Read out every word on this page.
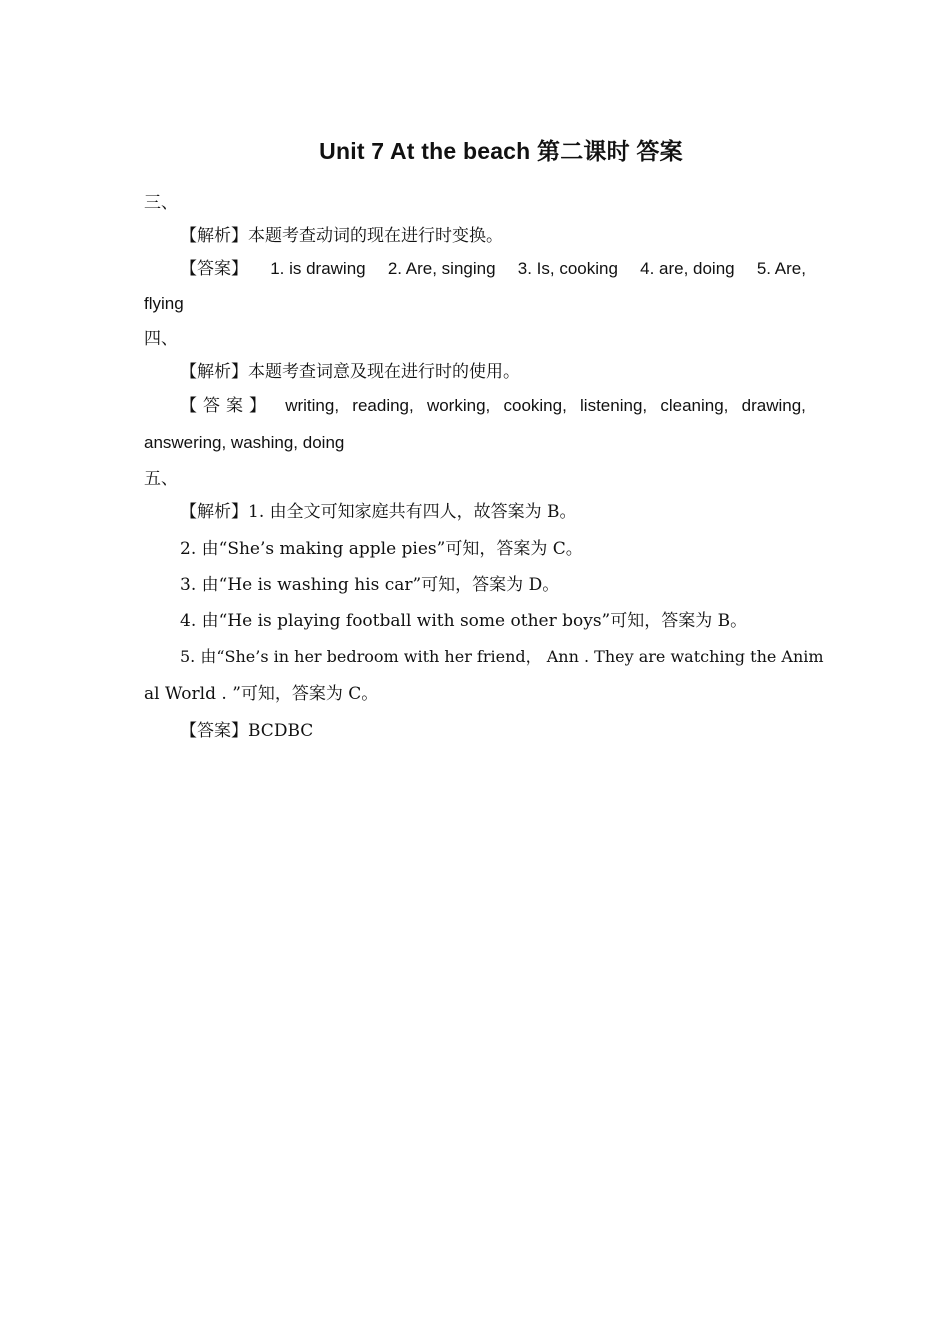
Unit 7 At the beach 第二课时 答案
三、
【解析】本题考查动词的现在进行时变换。
【答案】 1. is drawing 2. Are, singing 3. Is, cooking 4. are, doing 5. Are,
flying
四、
【解析】本题考查词意及现在进行时的使用。
【答案】 writing, reading, working, cooking, listening, cleaning, drawing,
answering, washing, doing
五、
【解析】1. 由全文可知家庭共有四人，故答案为 B。
2. 由“She’s making apple pies”可知，答案为 C。
3. 由“He is washing his car”可知，答案为 D。
4. 由“He is playing football with some other boys”可知，答案为 B。
5. 由“She’s in her bedroom with her friend， Ann . They are watching the Anim
al World . ”可知，答案为 C。
【答案】BCDBC
